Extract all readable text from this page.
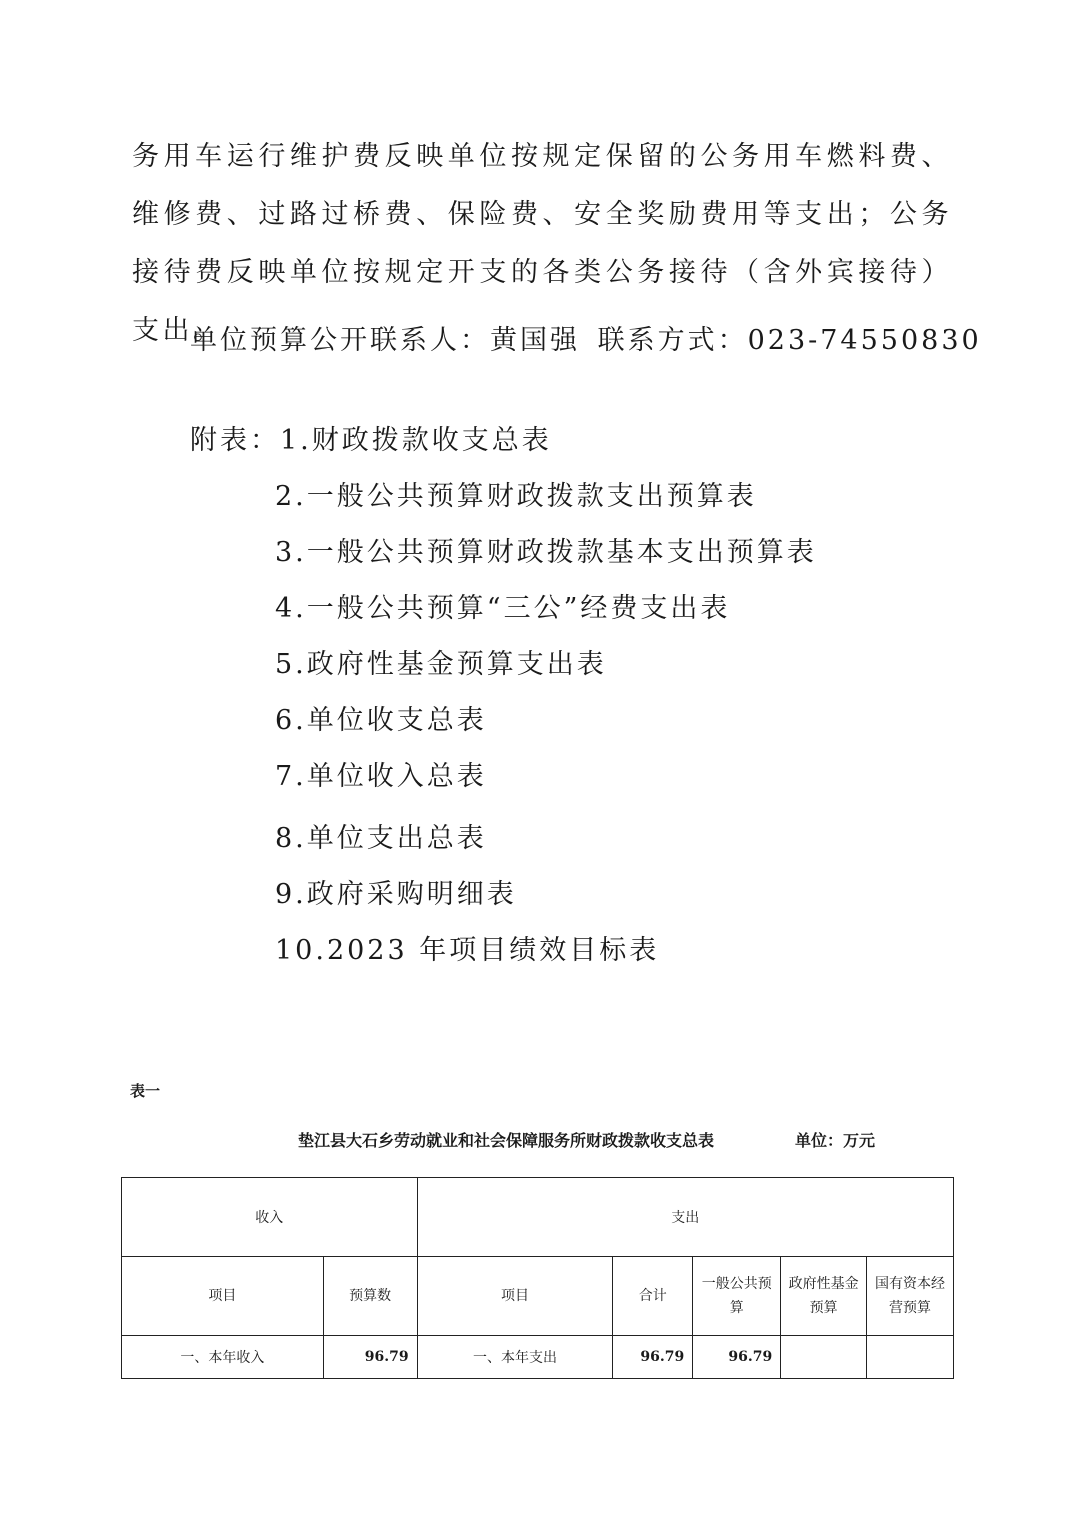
务用车运行维护费反映单位按规定保留的公务用车燃料费、维修费、过路过桥费、保险费、安全奖励费用等支出；公务接待费反映单位按规定开支的各类公务接待（含外宾接待）支出。

单位预算公开联系人：黄国强 联系方式：023-74550830

附表：1.财政拨款收支总表
2.一般公共预算财政拨款支出预算表
3.一般公共预算财政拨款基本支出预算表
4.一般公共预算“三公”经费支出表
5.政府性基金预算支出表
6.单位收支总表
7.单位收入总表
8.单位支出总表
9.政府采购明细表
10.2023 年项目绩效目标表
表一
垫江县大石乡劳动就业和社会保障服务所财政拨款收支总表	单位：万元
收入		支出				
项目	预算数	项目	合计	一般公共预算	政府性基金预算	国有资本经营预算
一、本年收入	96.79	一、本年支出	96.79	96.79		
